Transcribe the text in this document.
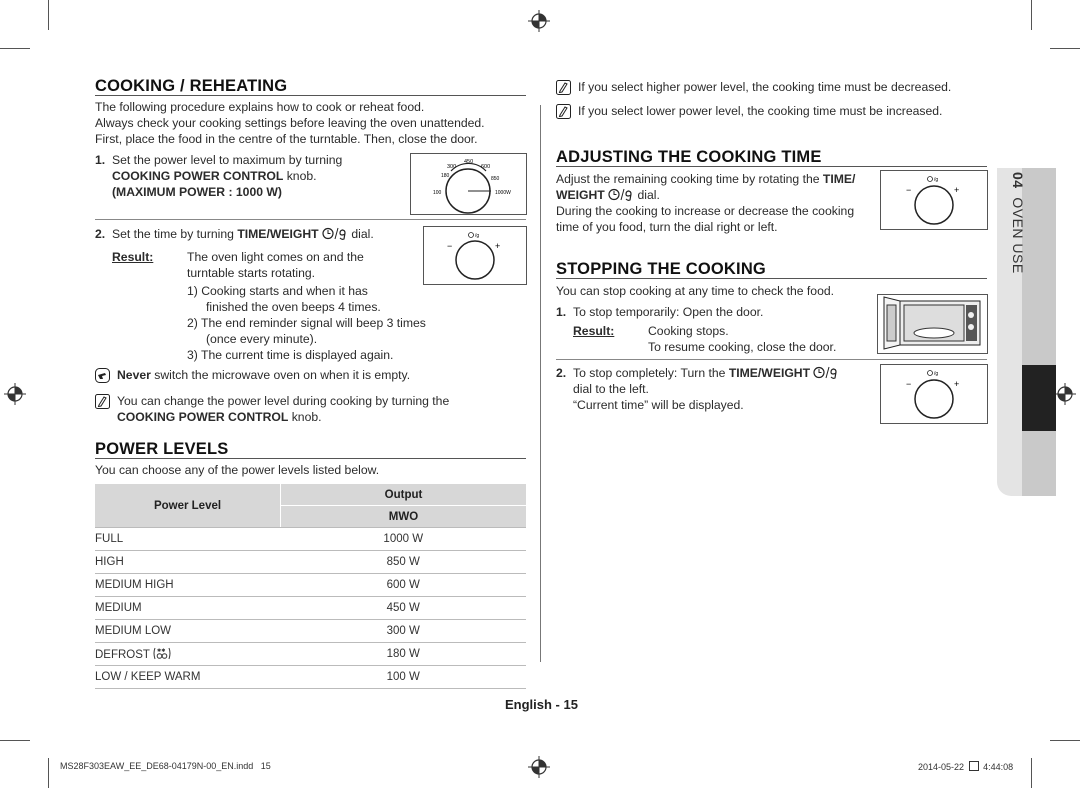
COOKING / REHEATING
The following procedure explains how to cook or reheat food.
Always check your cooking settings before leaving the oven unattended.
First, place the food in the centre of the turntable. Then, close the door.
1. Set the power level to maximum by turning
COOKING POWER CONTROL knob.
(MAXIMUM POWER : 1000 W)
300
450
600
180
100
850
1000W
2. Set the time by turning TIME/WEIGHT  dial.	/g
−	+
Result:	The oven light comes on and the
turntable starts rotating.
1) Cooking starts and when it has
finished the oven beeps 4 times.
2) The end reminder signal will beep 3 times
(once every minute).
3) The current time is displayed again.
Never switch the microwave oven on when it is empty.
You can change the power level during cooking by turning the
COOKING POWER CONTROL knob.
POWER LEVELS
You can choose any of the power levels listed below.
Power Level	Output
	MWO
FULL	1000 W
HIGH	850 W
MEDIUM HIGH	600 W
MEDIUM	450 W
MEDIUM LOW	300 W
DEFROST ✱✱	180 W
LOW / KEEP WARM	100 W
If you select higher power level, the cooking time must be decreased.
If you select lower power level, the cooking time must be increased.
ADJUSTING THE COOKING TIME
Adjust the remaining cooking time by rotating the TIME/
WEIGHT  dial.
During the cooking to increase or decrease the cooking
time of you food, turn the dial right or left.
/g
−	+
STOPPING THE COOKING
You can stop cooking at any time to check the food.
1. To stop temporarily: Open the door.
Result:	Cooking stops.
To resume cooking, close the door.
2. To stop completely: Turn the TIME/WEIGHT
dial to the left.
“Current time” will be displayed.
/g
−	+
04  OVEN USE
English - 15
MS28F303EAW_EE_DE68-04179N-00_EN.indd   15	2014-05-22 4:44:08
